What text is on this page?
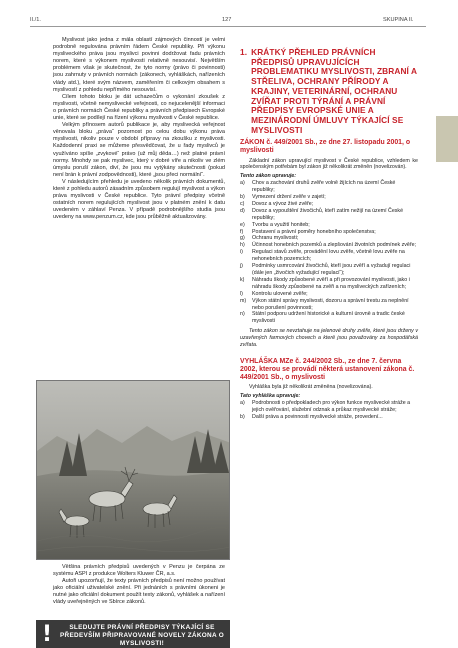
II./1.	127	SKUPINA II.

Myslivost jako jedna z mála oblastí zájmových činností je velmi podrobně regulována právním řádem České republiky. Při výkonu mysliveckého práva jsou myslivci povinni dodržovat řadu právních norem, které s výkonem myslivosti relativně nesouvisí. Největším problémem však je skutečnost, že tyto normy (právo či povinnosti) jsou zahrnuty v právních normách (zákonech, vyhláškách, nařízeních vlády atd.), které svým názvem, zaměřením či celkovým obsahem s myslivostí z pohledu nepřímého nesouvisí.

Cílem tohoto bloku je dát uchazečům o vykonání zkoušek z myslivosti, včetně nemyslivecké veřejnosti, co nejucelenější informaci o právních normách České republiky a právních předpisech Evropské unie, které se podílejí na řízení výkonu myslivosti v České republice.

Velkým přínosem autorů publikace je, aby myslivecká veřejnost věnovala bloku „práva“ pozornost po celou dobu výkonu práva myslivosti, nikoliv pouze v období přípravy na zkoušku z myslivosti. Každodenní praxi se můžeme přesvědčovat, že u řady myslivců je využíváno spíše „zvykové“ právo (už můj děda…) než platné právní normy. Mnohdy se pak myslivec, který v dobré víře a nikoliv ve zlém úmyslu poruší zákon, diví, že jsou mu vytýkány skutečnosti (pokud není brán k právní zodpovědnosti), které „jsou přeci normální“.

V následujícím přehledu je uvedeno několik právních dokumentů, které z pohledu autorů zásadním způsobem regulují myslivost a výkon práva myslivosti v České republice. Tyto právní předpisy včetně ostatních norem regulujících myslivost jsou v platném znění k datu uvedeném v záhlaví Penza. V případě podrobnějšího studia jsou uvedeny na www.penzum.cz, kde jsou průběžně aktualizovány.

Většina právních předpisů uvedených v Penzu je čerpána ze systému ASPI z produkce Wolters Kluwer ČR, a.s.

Autoři upozorňují, že texty právních předpisů není možno používat jako oficiální uživatelské znění. Při jednáních s právními úkoneni je nutné jako oficiální dokument použít texty zákonů, vyhlášek a nařízení vlády uveřejněných ve Sbírce zákonů.

!	SLEDUJTE PRÁVNÍ PŘEDPISY TÝKAJÍCÍ SE PŘEDEVŠÍM PŘIPRAVOVANÉ NOVELY ZÁKONA O MYSLIVOSTI!
1. KRÁTKÝ PŘEHLED PRÁVNÍCH PŘEDPISŮ UPRAVUJÍCÍCH PROBLEMATIKU MYSLIVOSTI, ZBRANÍ A STŘELIVA, OCHRANY PŘÍRODY A KRAJINY, VETERINÁRNÍ, OCHRANU ZVÍŘAT PROTI TÝRÁNÍ A PRÁVNÍ PŘEDPISY EVROPSKÉ UNIE A MEZINÁRODNÍ ÚMLUVY TÝKAJÍCÍ SE MYSLIVOSTI
ZÁKON č. 449/2001 Sb., ze dne 27. listopadu 2001, o myslivosti
Základní zákon upravující myslivost v České republice, vzhledem ke společenským potřebám byl zákon již několikrát změněn (novelizován).
Tento zákon upravuje:
a)	Chov a zachování druhů zvěře volně žijících na území České republiky;
b)	Vymezení držení zvěře v zajetí;
c)	Dovoz a vývoz živé zvěře;
d)	Dovoz a vypouštění živočichů, kteří zatím nežijí na území České republiky;
e)	Tvorbu a využití honiteb;
f)	Postavení a právní pomĕry honebního společenstva;
g)	Ochranu myslivosti;
h)	Účinnost honebních pozemků a zlepšování životních podmínek zvěře;
i)	Regulaci stavů zvěře, provádění lovu zvěře, včetně lovu zvěře na nehonebních pozemcích;
j)	Podmínky usmrcování živočichů, kteří jsou zvěří a vyžadují regulaci (dále jen „živočich vyžadující regulaci“);
k)	Náhradu škody způsobené zvěří a při provozování myslivosti, jako i náhradu škody způsobené na zvěři a na mysliveckých zařízeních;
l)	Kontrolu ulovené zvěře;
m)	Výkon státní správy myslivosti, dozoru a správní trestu za neplnění nebo porušení povinnosti;
n)	Státní podporu udržení historické a kulturní úrovně a tradic české myslivosti
Tento zákon se nevztahuje na jelenové druhy zvěře, které jsou drženy v uzavřených farmových chovech a kterě jsou považovány za hospodářská zvířata.
VYHLÁŠKA MZe č. 244/2002 Sb., ze dne 7. června 2002, kterou se provádí některá ustanovení zákona č. 449/2001 Sb., o myslivosti
Vyhláška byla již několikrát změněna (novelizována).
Tato vyhláška upravuje:
a)	Podrobnosti o předpokladech pro výkon funkce myslivecké stráže a jejich ověřování, služební odznak a průkaz myslivecké stráže;
b)	Další práva a povinnosti myslivecké stráže, provedení...
